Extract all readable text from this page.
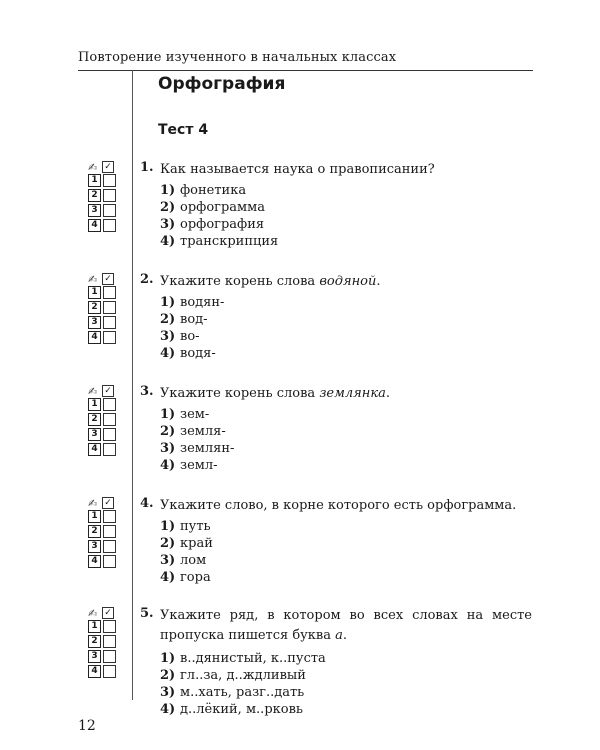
Повторение изученного в начальных классах
Орфография
Тест 4
✍ ✓
1
2
3
4
1. Как называется наука о правописании?
1) фонетика
2) орфограмма
3) орфография
4) транскрипция
✍ ✓
1
2
3
4
2. Укажите корень слова водяной.
1) водян-
2) вод-
3) во-
4) водя-
✍ ✓
1
2
3
4
3. Укажите корень слова землянка.
1) зем-
2) земля-
3) землян-
4) земл-
✍ ✓
1
2
3
4
4. Укажите слово, в корне которого есть орфограмма.
1) путь
2) край
3) лом
4) гора
✍ ✓
1
2
3
4
5. Укажите ряд, в котором во всех словах на месте пропуска пишется буква а.
1) в..дянистый, к..пуста
2) гл..за, д..ждливый
3) м..хать, разг..дать
4) д..лёкий, м..рковь
12
